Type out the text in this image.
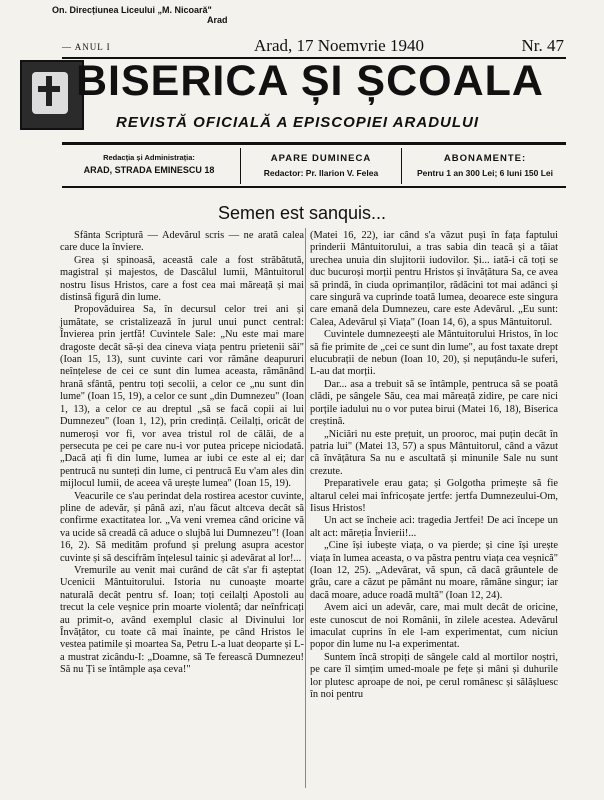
On. Direcțiunea Liceului „M. Nicoară"
Arad
— ANUL I	Arad, 17 Noemvrie 1940	Nr. 47
BISERICA ȘI ȘCOALA
REVISTĂ OFICIALĂ A EPISCOPIEI ARADULUI
Redacția și Administrația:
ARAD, STRADA EMINESCU 18
APARE DUMINECA
Redactor: Pr. Ilarion V. Felea
ABONAMENTE:
Pentru 1 an 300 Lei; 6 luni 150 Lei
Semen est sanquis...

Sfânta Scriptură — Adevărul scris — ne arată calea care duce la înviere.

Grea și spinoasă, această cale a fost străbătută, magistral și majestos, de Dascălul lumii, Mântuitorul nostru Iisus Hristos, care a fost cea mai măreață și mai distinsă figură din lume.

Propovăduirea Sa, în decursul celor trei ani și jumătate, se cristalizează în jurul unui punct central: Învierea prin jertfă! Cuvintele Sale: „Nu este mai mare dragoste decât să-și dea cineva viața pentru prietenii săi" (Ioan 15, 13), sunt cuvinte cari vor rămâne deapururi neînțelese de cei ce sunt din lumea aceasta, rămânând hrană sfântă, pentru toți secolii, a celor ce „nu sunt din lume" (Ioan 15, 19), a celor ce sunt „din Dumnezeu" (Ioan 1, 13), a celor ce au dreptul „să se facă copii ai lui Dumnezeu" (Ioan 1, 12), prin credință. Ceilalți, oricât de numeroși vor fi, vor avea tristul rol de călăi, de a persecuta pe cei pe care nu-i vor putea pricepe niciodată. „Dacă ați fi din lume, lumea ar iubi ce este al ei; dar pentrucă nu sunteți din lume, ci pentrucă Eu v'am ales din mijlocul lumii, de aceea vă urește lumea" (Ioan 15, 19).

Veacurile ce s'au perindat dela rostirea acestor cuvinte, pline de adevăr, și până azi, n'au făcut altceva decât să confirme exactitatea lor. „Va veni vremea când oricine vă va ucide să creadă că aduce o slujbă lui Dumnezeu"! (Ioan 16, 2). Să medităm profund și prelung asupra acestor cuvinte și să descifrăm înțelesul tainic și adevărat al lor!...

Vremurile au venit mai curând de cât s'ar fi așteptat Ucenicii Mântuitorului. Istoria nu cunoaște moarte naturală decât pentru sf. Ioan; toți ceilalți Apostoli au trecut la cele veșnice prin moarte violentă; dar neînfricați au primit-o, având exemplul clasic al Divinului lor Învățător, cu toate că mai înainte, pe când Hristos le vestea patimile și moartea Sa, Petru L-a luat deoparte și L-a mustrat zicându-I: „Doamne, să Te ferească Dumnezeu! Să nu Ți se întâmple așa ceva!"

(Matei 16, 22), iar când s'a văzut pușì în fața faptului prinderii Mântuitorului, a tras sabia din teacă și a tăiat urechea unuia din slujitorii iudovilor. Și... iată-i că toți se duc bucuroși morții pentru Hristos și învățătura Sa, ce avea să prindă, în ciuda oprimanților, rădăcini tot mai adânci și care singură va cuprinde toată lumea, deoarece este singura care emană dela Dumnezeu, care este Adevărul. „Eu sunt: Calea, Adevărul și Viața" (Ioan 14, 6), a spus Mântuitorul.

Cuvintele dumnezeești ale Mântuitorului Hristos, în loc să fie primite de „cei ce sunt din lume", au fost taxate drept elucubrații de nebun (Ioan 10, 20), și nepuțându-le suferi, L-au dat morții.

Dar... asa a trebuit să se întâmple, pentruca să se poată clădi, pe sângele Său, cea mai măreață zidire, pe care nici porțile iadului nu o vor putea birui (Matei 16, 18), Biserica creștină.

„Niciări nu este prețuit, un prooroc, mai puțin decât în patria lui" (Matei 13, 57) a spus Mântuitorul, când a văzut că învățătura Sa nu e ascultată și minunile Sale nu sunt crezute.

Preparativele erau gata; și Golgotha primește să fie altarul celei mai înfricoșate jertfe: jertfa Dumnezeului-Om, Iisus Hristos!

Un act se încheie aci: tragedia Jertfei! De aci începe un alt act: măreția Învierii!...

„Cine își iubește viața, o va pierde; și cine își urește viața în lumea aceasta, o va păstra pentru viața cea veșnică" (Ioan 12, 25). „Adevărat, vă spun, că dacă grăuntele de grâu, care a căzut pe pământ nu moare, rămâne singur; iar dacă moare, aduce roadă multă" (Ioan 12, 24).

Avem aici un adevăr, care, mai mult decât de oricine, este cunoscut de noi Românii, în zilele acestea. Adevărul imaculat cuprins în ele l-am experimentat, cum niciun popor din lume nu l-a experimentat.

Suntem încă stropiți de sângele cald al mortilor noștri, pe care îl simțim umed-moale pe fețe și mâni și duhurile lor plutesc aproape de noi, pe cerul românesc și sălășluesc în noi pentru
